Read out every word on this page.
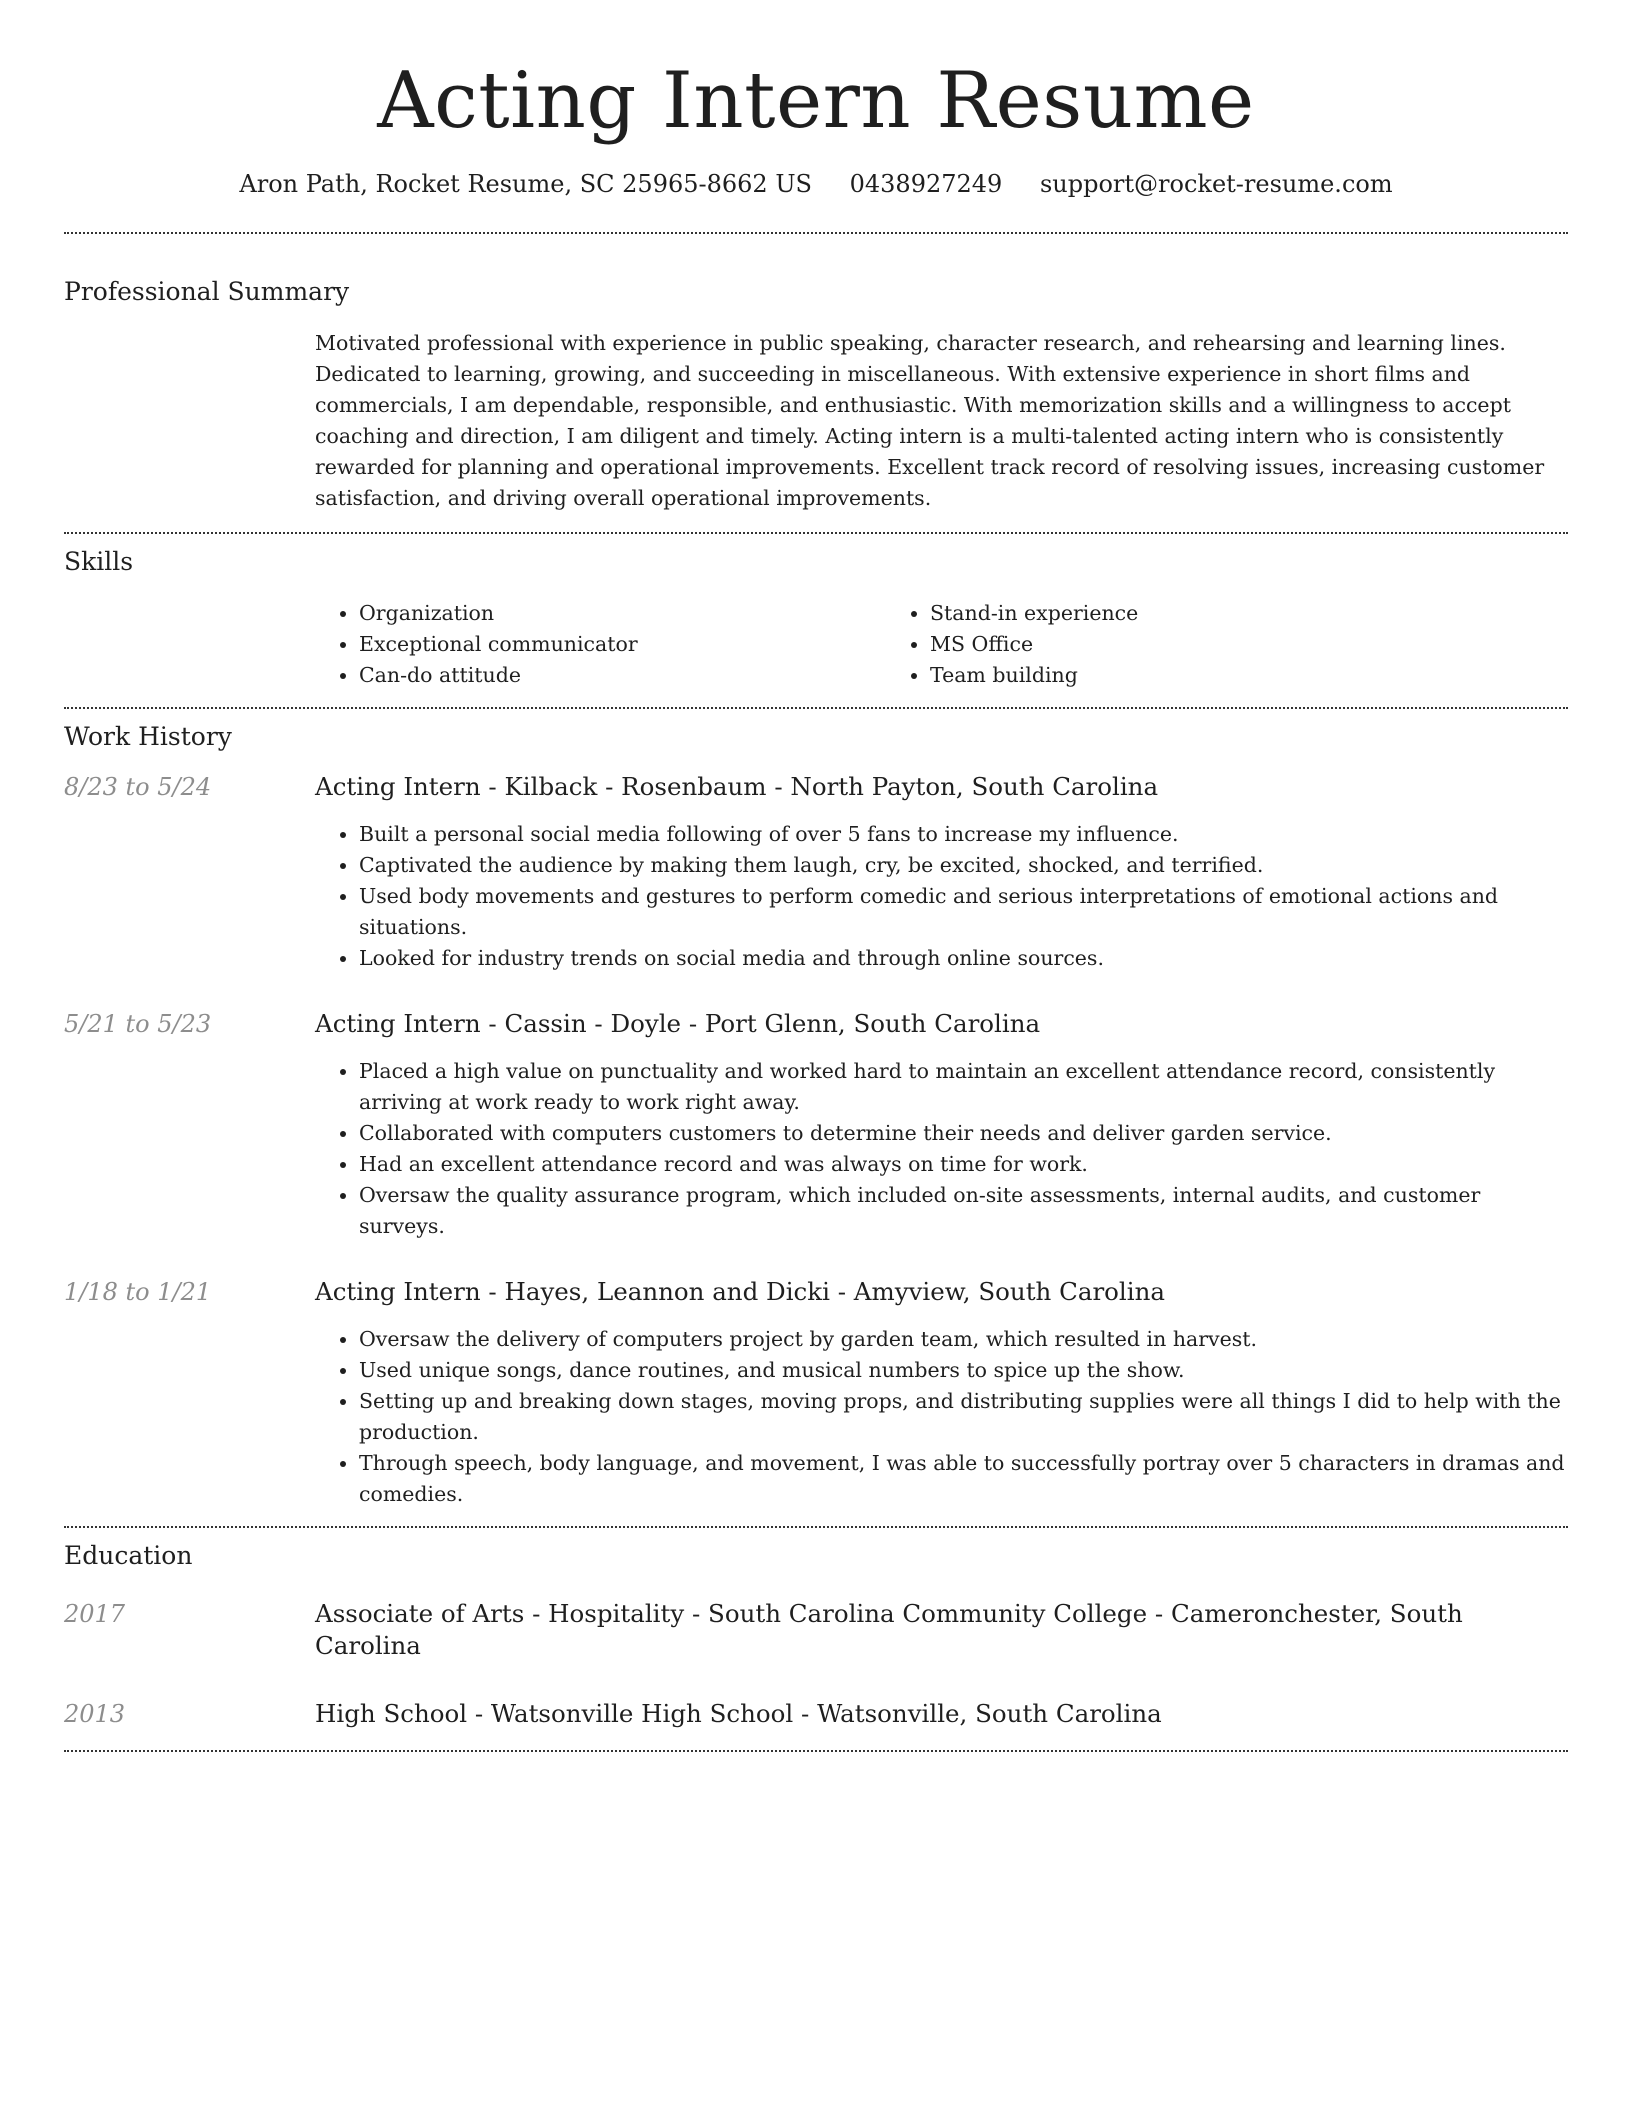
Acting Intern Resume
Aron Path, Rocket Resume, SC 25965-8662 US 0438927249 support@rocket-resume.com
Professional Summary
Motivated professional with experience in public speaking, character research, and rehearsing and learning lines. Dedicated to learning, growing, and succeeding in miscellaneous. With extensive experience in short films and commercials, I am dependable, responsible, and enthusiastic. With memorization skills and a willingness to accept coaching and direction, I am diligent and timely. Acting intern is a multi-talented acting intern who is consistently rewarded for planning and operational improvements. Excellent track record of resolving issues, increasing customer satisfaction, and driving overall operational improvements.
Skills
• Organization
• Exceptional communicator
• Can-do attitude
• Stand-in experience
• MS Office
• Team building
Work History
8/23 to 5/24	Acting Intern - Kilback - Rosenbaum - North Payton, South Carolina
• Built a personal social media following of over 5 fans to increase my influence.
• Captivated the audience by making them laugh, cry, be excited, shocked, and terrified.
• Used body movements and gestures to perform comedic and serious interpretations of emotional actions and situations.
• Looked for industry trends on social media and through online sources.
5/21 to 5/23	Acting Intern - Cassin - Doyle - Port Glenn, South Carolina
• Placed a high value on punctuality and worked hard to maintain an excellent attendance record, consistently arriving at work ready to work right away.
• Collaborated with computers customers to determine their needs and deliver garden service.
• Had an excellent attendance record and was always on time for work.
• Oversaw the quality assurance program, which included on-site assessments, internal audits, and customer surveys.
1/18 to 1/21	Acting Intern - Hayes, Leannon and Dicki - Amyview, South Carolina
• Oversaw the delivery of computers project by garden team, which resulted in harvest.
• Used unique songs, dance routines, and musical numbers to spice up the show.
• Setting up and breaking down stages, moving props, and distributing supplies were all things I did to help with the production.
• Through speech, body language, and movement, I was able to successfully portray over 5 characters in dramas and comedies.
Education
2017	Associate of Arts - Hospitality - South Carolina Community College - Cameronchester, South Carolina
2013	High School - Watsonville High School - Watsonville, South Carolina
